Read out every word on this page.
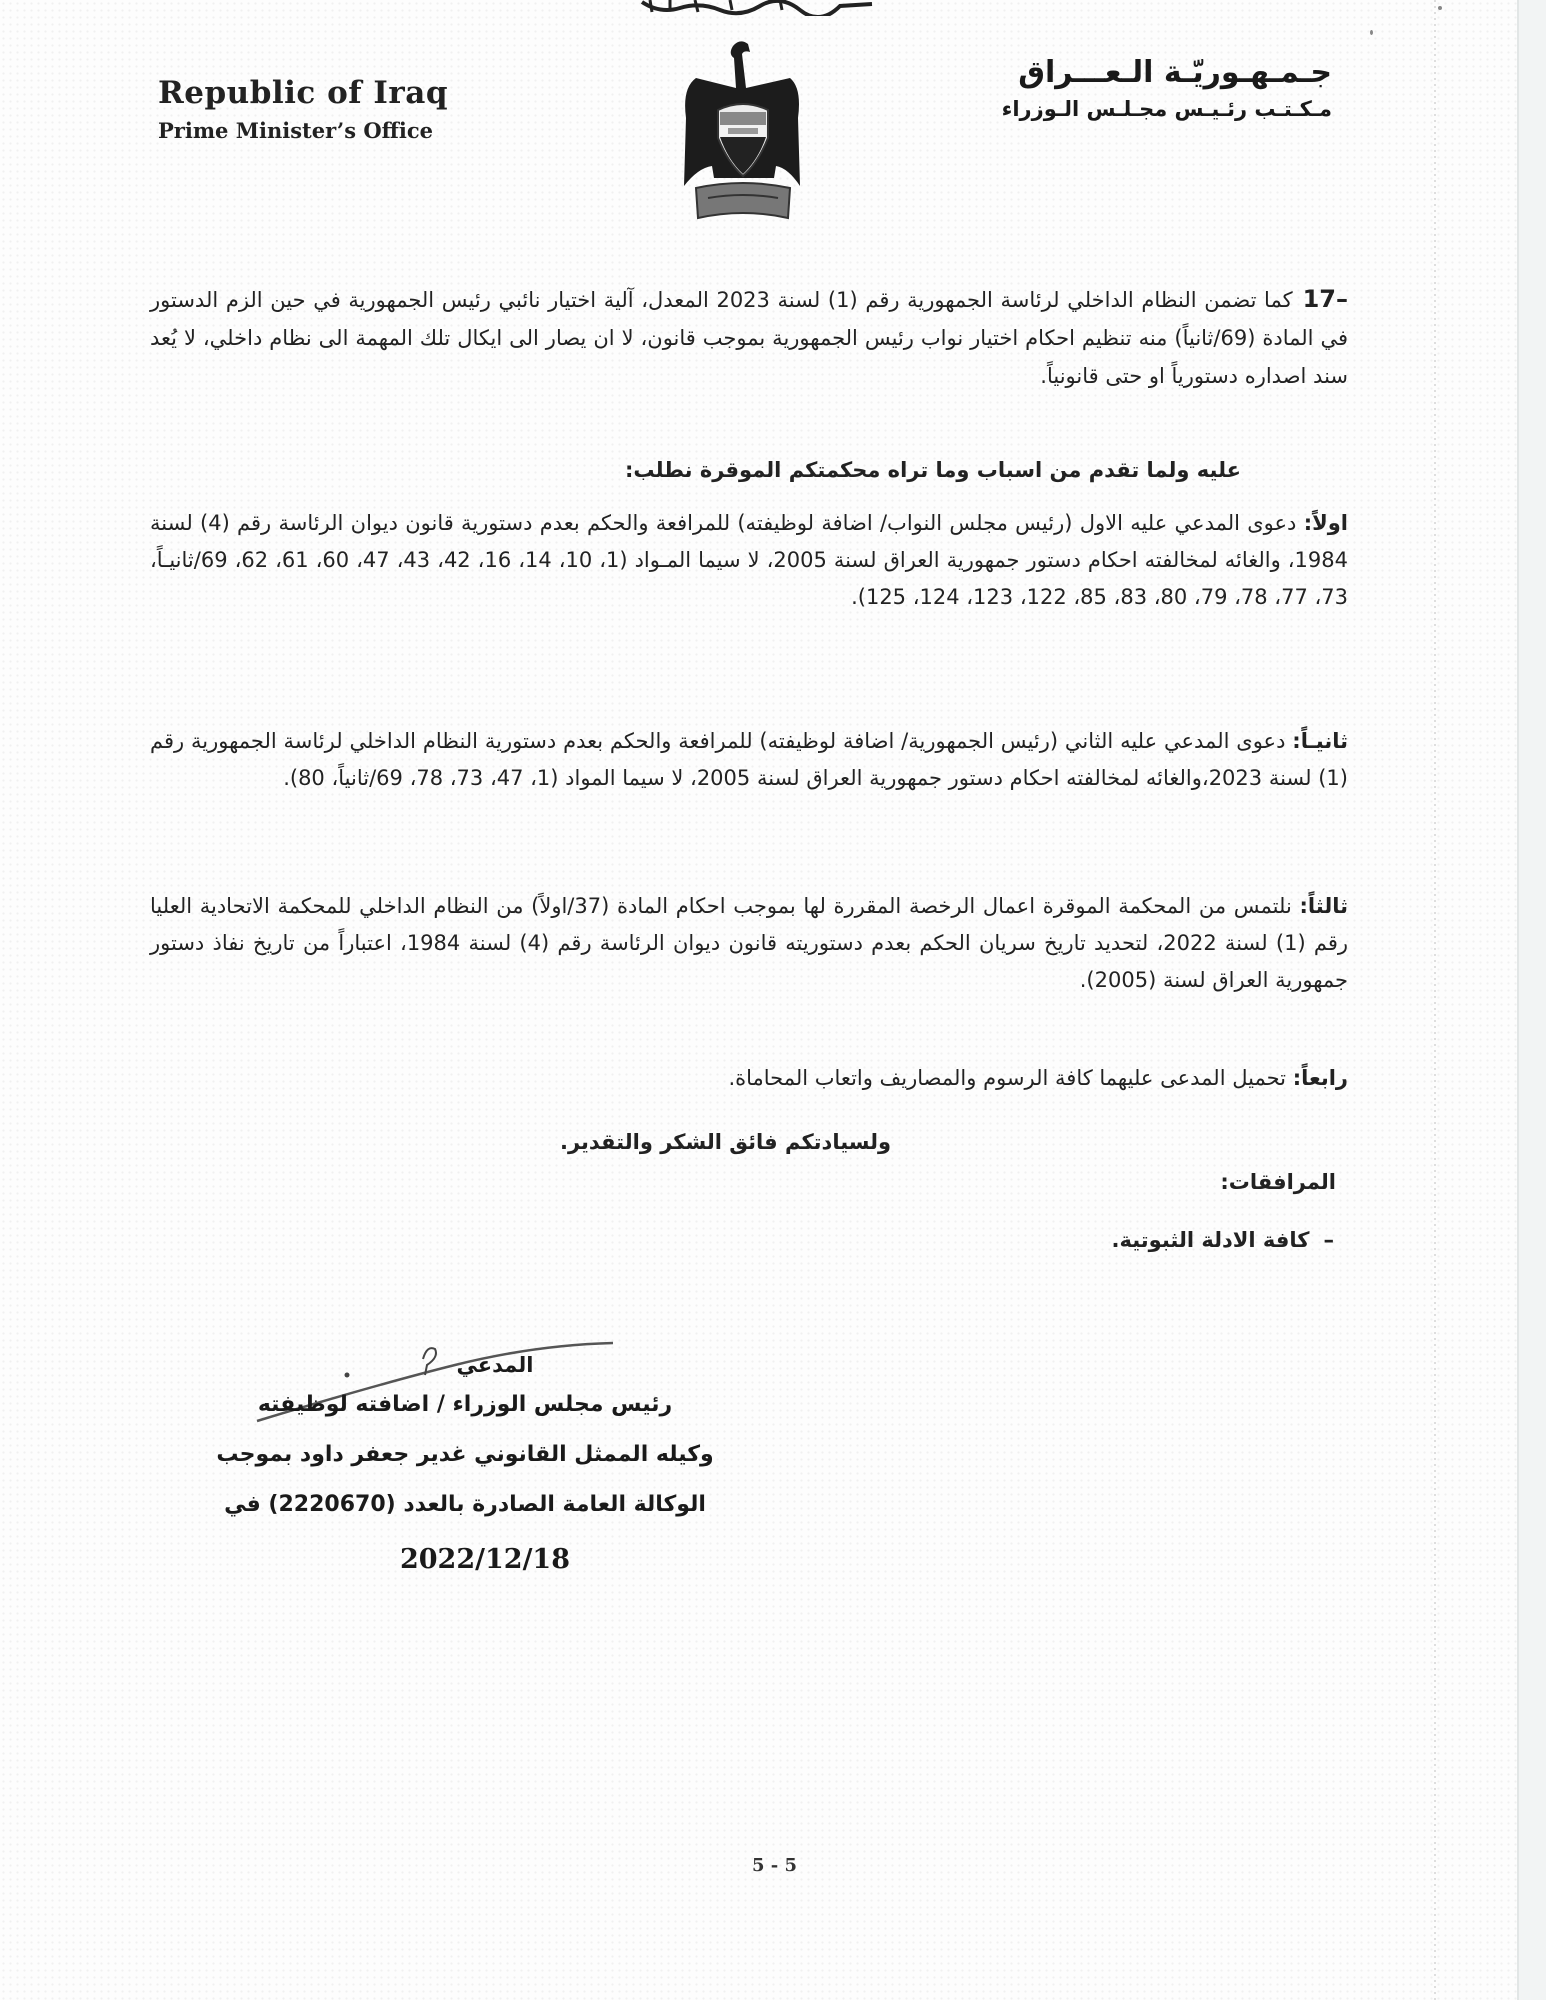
Republic of Iraq
Prime Minister’s Office
جـمـهـوريّـة الـعـــراق
مـكـتـب رئـيـس مجـلـس الـوزراء
17–كما تضمن النظام الداخلي لرئاسة الجمهورية رقم (1) لسنة 2023 المعدل، آلية اختيار نائبي رئيس الجمهورية في حين الزم الدستور في المادة (69/ثانياً) منه تنظيم احكام اختيار نواب رئيس الجمهورية بموجب قانون، لا ان يصار الى ايكال تلك المهمة الى نظام داخلي، لا يُعد سند اصداره دستورياً او حتى قانونياً.
عليه ولما تقدم من اسباب وما تراه محكمتكم الموقرة نطلب:
اولاً: دعوى المدعي عليه الاول (رئيس مجلس النواب/ اضافة لوظيفته) للمرافعة والحكم بعدم دستورية قانون ديوان الرئاسة رقم (4) لسنة 1984، والغائه لمخالفته احكام دستور جمهورية العراق لسنة 2005، لا سيما المـواد (1، 10، 14، 16، 42، 43، 47، 60، 61، 62، 69/ثانيـاً، 73، 77، 78، 79، 80، 83، 85، 122، 123، 124، 125).
ثانيـاً: دعوى المدعي عليه الثاني (رئيس الجمهورية/ اضافة لوظيفته) للمرافعة والحكم بعدم دستورية النظام الداخلي لرئاسة الجمهورية رقم (1) لسنة 2023،والغائه لمخالفته احكام دستور جمهورية العراق لسنة 2005، لا سيما المواد (1، 47، 73، 78، 69/ثانياً، 80).
ثالثاً: نلتمس من المحكمة الموقرة اعمال الرخصة المقررة لها بموجب احكام المادة (37/اولاً) من النظام الداخلي للمحكمة الاتحادية العليا رقم (1) لسنة 2022، لتحديد تاريخ سريان الحكم بعدم دستوريته قانون ديوان الرئاسة رقم (4) لسنة 1984، اعتباراً من تاريخ نفاذ دستور جمهورية العراق لسنة (2005).
رابعاً: تحميل المدعى عليهما كافة الرسوم والمصاريف واتعاب المحاماة.
ولسيادتكم فائق الشكر والتقدير.
المرافقات:
–كافة الادلة الثبوتية.
المدعي
رئيس مجلس الوزراء / اضافته لوظيفته
وكيله الممثل القانوني غدير جعفر داود بموجب
الوكالة العامة الصادرة بالعدد (2220670) في
2022/12/18
5 - 5
